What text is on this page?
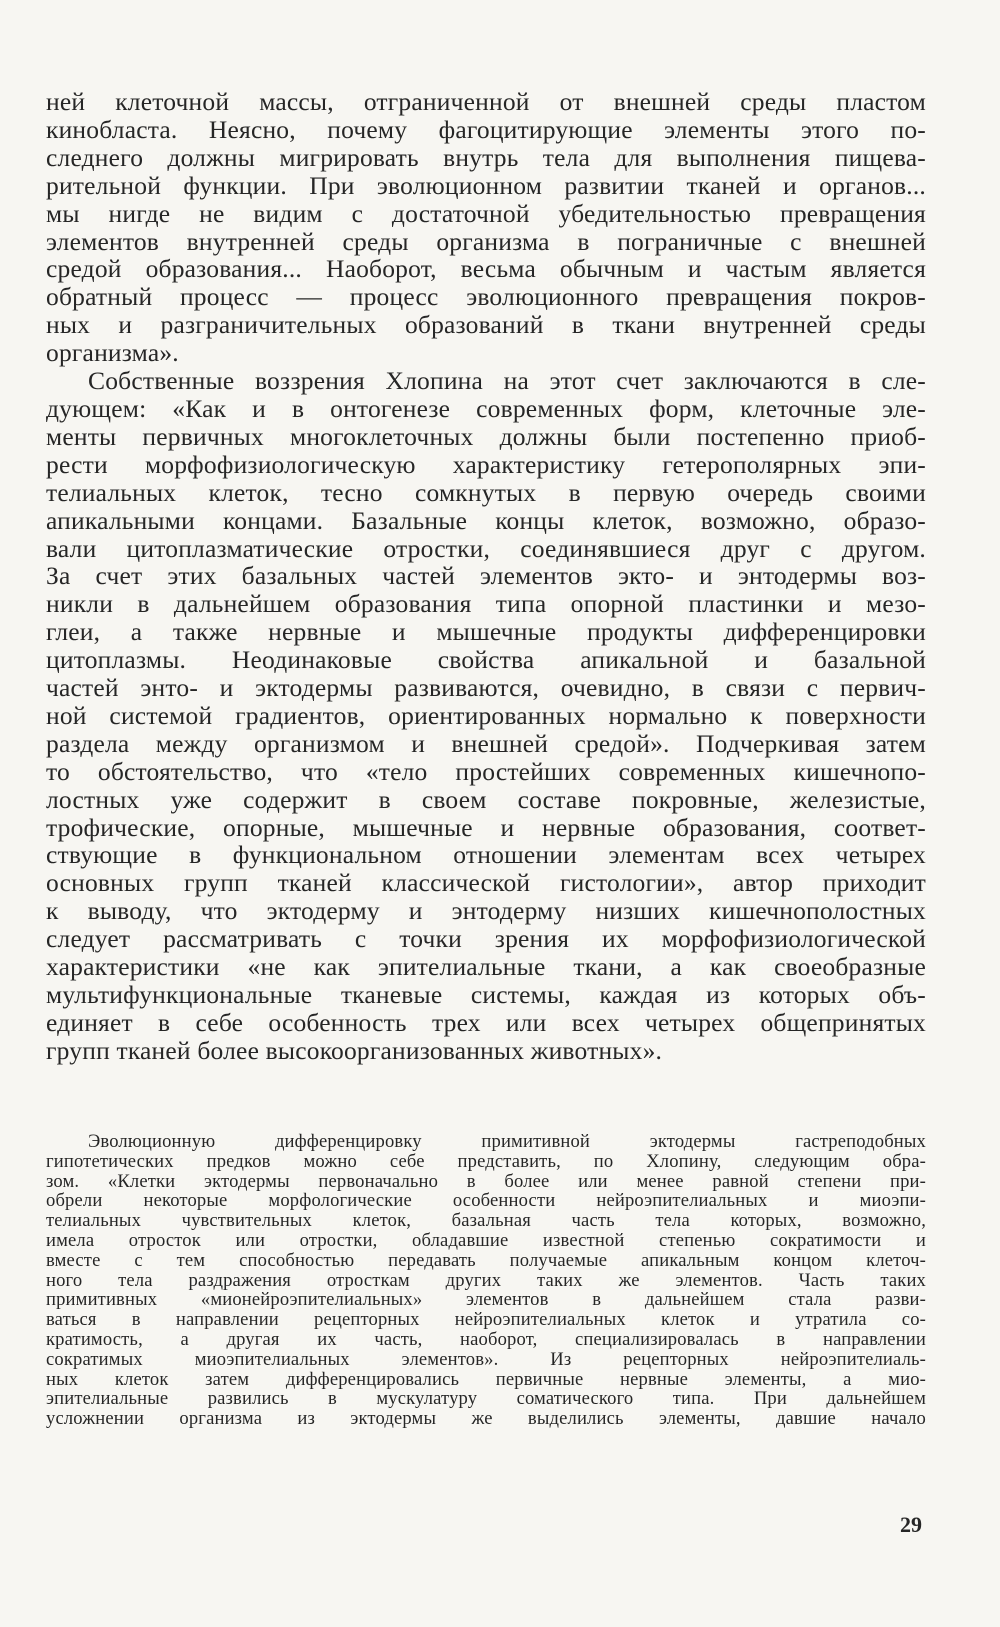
ней клеточной массы, отграниченной от внешней среды пластом
кинобласта. Неясно, почему фагоцитирующие элементы этого по-
следнего должны мигрировать внутрь тела для выполнения пищева-
рительной функции. При эволюционном развитии тканей и органов...
мы нигде не видим с достаточной убедительностью превращения
элементов внутренней среды организма в пограничные с внешней
средой образования... Наоборот, весьма обычным и частым является
обратный процесс — процесс эволюционного превращения покров-
ных и разграничительных образований в ткани внутренней среды
организма».
Собственные воззрения Хлопина на этот счет заключаются в сле-
дующем: «Как и в онтогенезе современных форм, клеточные эле-
менты первичных многоклеточных должны были постепенно приоб-
рести морфофизиологическую характеристику гетерополярных эпи-
телиальных клеток, тесно сомкнутых в первую очередь своими
апикальными концами. Базальные концы клеток, возможно, образо-
вали цитоплазматические отростки, соединявшиеся друг с другом.
За счет этих базальных частей элементов экто- и энтодермы воз-
никли в дальнейшем образования типа опорной пластинки и мезо-
глеи, а также нервные и мышечные продукты дифференцировки
цитоплазмы. Неодинаковые свойства апикальной и базальной
частей энто- и эктодермы развиваются, очевидно, в связи с первич-
ной системой градиентов, ориентированных нормально к поверхности
раздела между организмом и внешней средой». Подчеркивая затем
то обстоятельство, что «тело простейших современных кишечнопо-
лостных уже содержит в своем составе покровные, железистые,
трофические, опорные, мышечные и нервные образования, соответ-
ствующие в функциональном отношении элементам всех четырех
основных групп тканей классической гистологии», автор приходит
к выводу, что эктодерму и энтодерму низших кишечнополостных
следует рассматривать с точки зрения их морфофизиологической
характеристики «не как эпителиальные ткани, а как своеобразные
мультифункциональные тканевые системы, каждая из которых объ-
единяет в себе особенность трех или всех четырех общепринятых
групп тканей более высокоорганизованных животных».
Эволюционную дифференцировку примитивной эктодермы гастреподобных
гипотетических предков можно себе представить, по Хлопину, следующим обра-
зом. «Клетки эктодермы первоначально в более или менее равной степени при-
обрели некоторые морфологические особенности нейроэпителиальных и миоэпи-
телиальных чувствительных клеток, базальная часть тела которых, возможно,
имела отросток или отростки, обладавшие известной степенью сократимости и
вместе с тем способностью передавать получаемые апикальным концом клеточ-
ного тела раздражения отросткам других таких же элементов. Часть таких
примитивных «мионейроэпителиальных» элементов в дальнейшем стала разви-
ваться в направлении рецепторных нейроэпителиальных клеток и утратила со-
кратимость, а другая их часть, наоборот, специализировалась в направлении
сократимых миоэпителиальных элементов». Из рецепторных нейроэпителиаль-
ных клеток затем дифференцировались первичные нервные элементы, а мио-
эпителиальные развились в мускулатуру соматического типа. При дальнейшем
усложнении организма из эктодермы же выделились элементы, давшие начало
29
